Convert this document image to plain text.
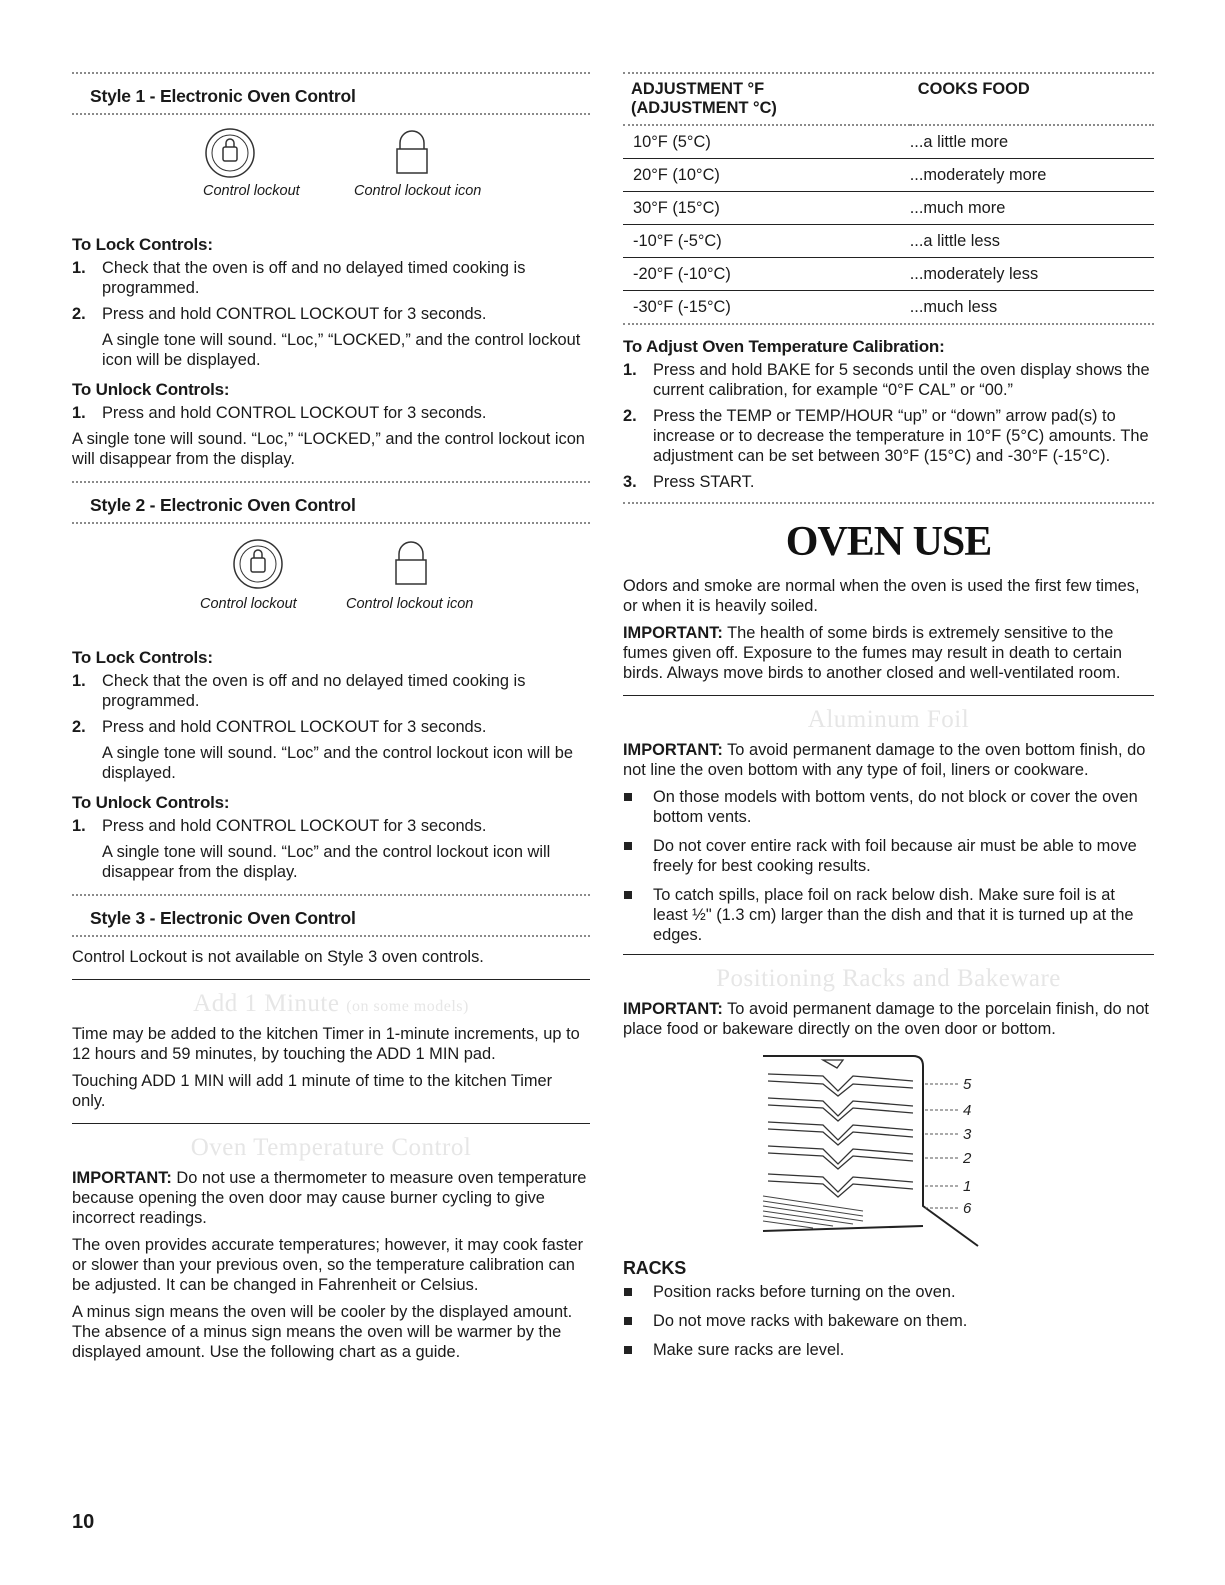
Style 1 - Electronic Oven Control
Control lockout	Control lockout icon
To Lock Controls:
1. Check that the oven is off and no delayed timed cooking is programmed.
2. Press and hold CONTROL LOCKOUT for 3 seconds.

A single tone will sound. “Loc,” “LOCKED,” and the control lockout icon will be displayed.

To Unlock Controls:
1. Press and hold CONTROL LOCKOUT for 3 seconds.

A single tone will sound. “Loc,” “LOCKED,” and the control lockout icon will disappear from the display.

Style 2 - Electronic Oven Control
Control lockout	Control lockout icon
To Lock Controls:
1. Check that the oven is off and no delayed timed cooking is programmed.
2. Press and hold CONTROL LOCKOUT for 3 seconds.

A single tone will sound. “Loc” and the control lockout icon will be displayed.

To Unlock Controls:
1. Press and hold CONTROL LOCKOUT for 3 seconds.

A single tone will sound. “Loc” and the control lockout icon will disappear from the display.

Style 3 - Electronic Oven Control

Control Lockout is not available on Style 3 oven controls.

Add 1 Minute (on some models)

Time may be added to the kitchen Timer in 1-minute increments, up to 12 hours and 59 minutes, by touching the ADD 1 MIN pad.

Touching ADD 1 MIN will add 1 minute of time to the kitchen Timer only.

Oven Temperature Control

IMPORTANT: Do not use a thermometer to measure oven temperature because opening the oven door may cause burner cycling to give incorrect readings.

The oven provides accurate temperatures; however, it may cook faster or slower than your previous oven, so the temperature calibration can be adjusted. It can be changed in Fahrenheit or Celsius.

A minus sign means the oven will be cooler by the displayed amount. The absence of a minus sign means the oven will be warmer by the displayed amount. Use the following chart as a guide.

ADJUSTMENT °F
(ADJUSTMENT °C)	COOKS FOOD

10°F (5°C)	...a little more
20°F (10°C)	...moderately more
30°F (15°C)	...much more
-10°F (-5°C)	...a little less
-20°F (-10°C)	...moderately less
-30°F (-15°C)	...much less
To Adjust Oven Temperature Calibration:
1. Press and hold BAKE for 5 seconds until the oven display shows the current calibration, for example “0°F CAL” or “00.”
2. Press the TEMP or TEMP/HOUR “up” or “down” arrow pad(s) to increase or to decrease the temperature in 10°F (5°C) amounts. The adjustment can be set between 30°F (15°C) and -30°F (-15°C).
3. Press START.
OVEN USE

Odors and smoke are normal when the oven is used the first few times, or when it is heavily soiled.

IMPORTANT: The health of some birds is extremely sensitive to the fumes given off. Exposure to the fumes may result in death to certain birds. Always move birds to another closed and well-ventilated room.

Aluminum Foil

IMPORTANT: To avoid permanent damage to the oven bottom finish, do not line the oven bottom with any type of foil, liners or cookware.

On those models with bottom vents, do not block or cover the oven bottom vents.
Do not cover entire rack with foil because air must be able to move freely for best cooking results.
To catch spills, place foil on rack below dish. Make sure foil is at least ½" (1.3 cm) larger than the dish and that it is turned up at the edges.
Positioning Racks and Bakeware

IMPORTANT: To avoid permanent damage to the porcelain finish, do not place food or bakeware directly on the oven door or bottom.

5
4
3
2
1
6
RACKS
Position racks before turning on the oven.
Do not move racks with bakeware on them.
Make sure racks are level.
10
